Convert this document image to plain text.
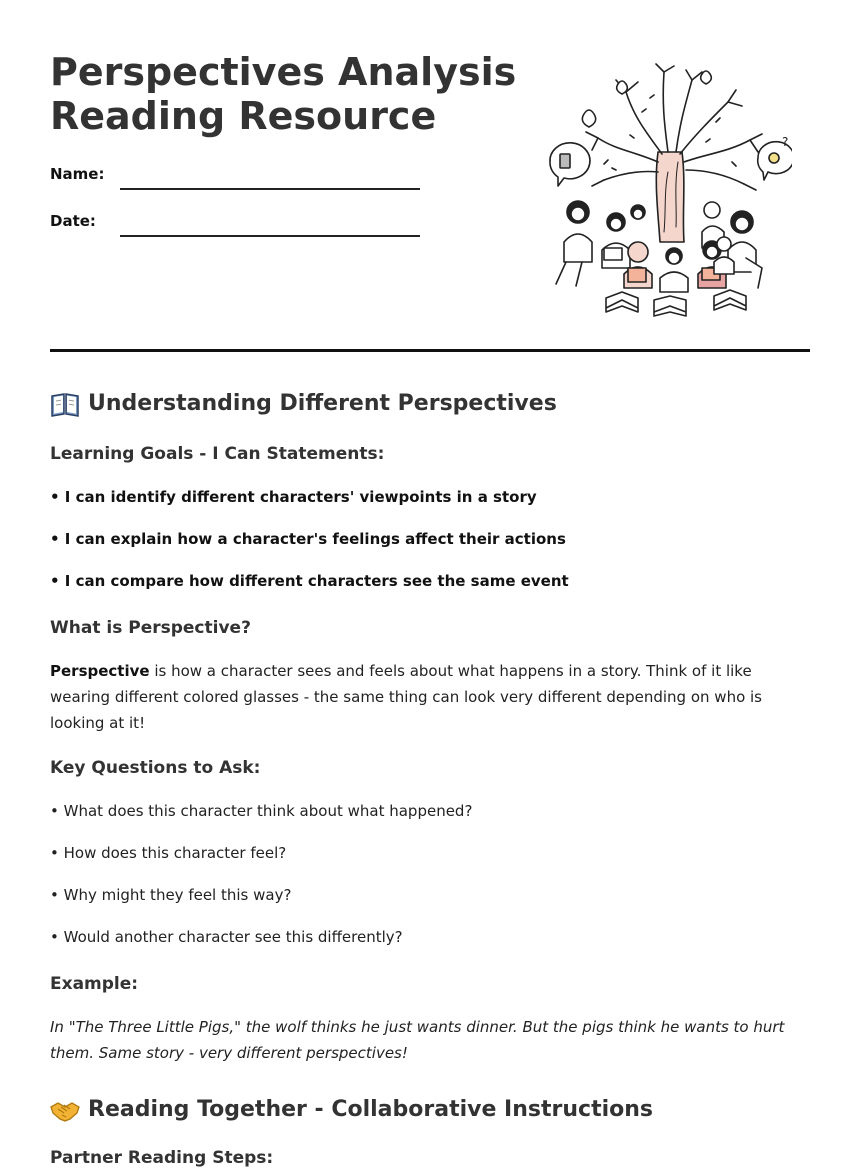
Perspectives Analysis
Reading Resource
Name:
Date:
?
Understanding Different Perspectives
Learning Goals - I Can Statements:

• I can identify different characters' viewpoints in a story

• I can explain how a character's feelings affect their actions

• I can compare how different characters see the same event

What is Perspective?

Perspective is how a character sees and feels about what happens in a story. Think of it like wearing different colored glasses - the same thing can look very different depending on who is looking at it!

Key Questions to Ask:

• What does this character think about what happened?

• How does this character feel?

• Why might they feel this way?

• Would another character see this differently?

Example:

In "The Three Little Pigs," the wolf thinks he just wants dinner. But the pigs think he wants to hurt them. Same story - very different perspectives!

Reading Together - Collaborative Instructions
Partner Reading Steps:
